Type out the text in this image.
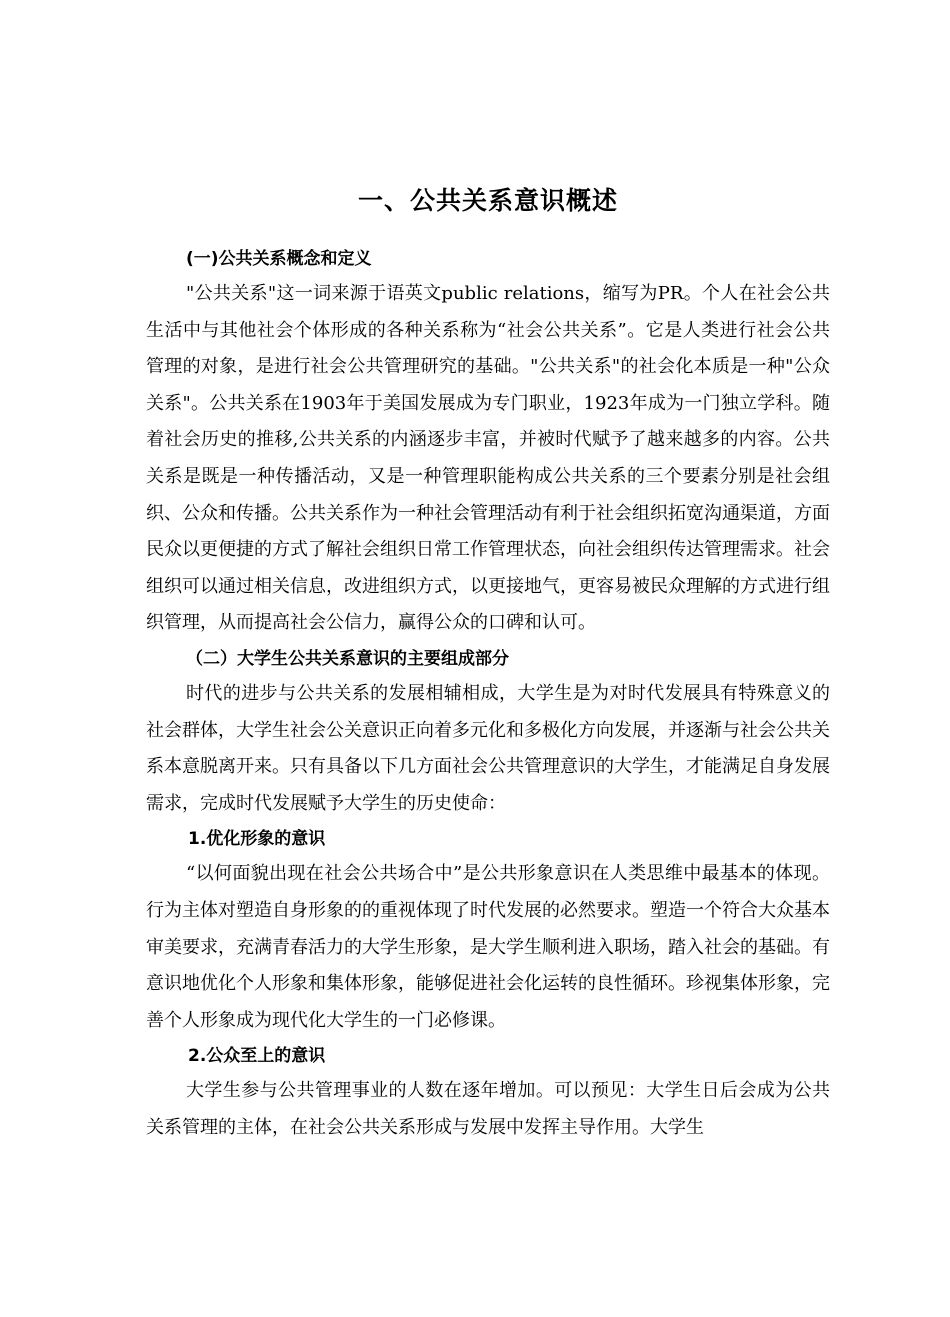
一、公共关系意识概述
(一)公共关系概念和定义

"公共关系"这一词来源于语英文public relations，缩写为PR。个人在社会公共生活中与其他社会个体形成的各种关系称为“社会公共关系”。它是人类进行社会公共管理的对象，是进行社会公共管理研究的基础。"公共关系"的社会化本质是一种"公众关系"。公共关系在1903年于美国发展成为专门职业，1923年成为一门独立学科。随着社会历史的推移,公共关系的内涵逐步丰富，并被时代赋予了越来越多的内容。公共关系是既是一种传播活动，又是一种管理职能构成公共关系的三个要素分别是社会组织、公众和传播。公共关系作为一种社会管理活动有利于社会组织拓宽沟通渠道，方面民众以更便捷的方式了解社会组织日常工作管理状态，向社会组织传达管理需求。社会组织可以通过相关信息，改进组织方式，以更接地气，更容易被民众理解的方式进行组织管理，从而提高社会公信力，赢得公众的口碑和认可。

（二）大学生公共关系意识的主要组成部分

时代的进步与公共关系的发展相辅相成，大学生是为对时代发展具有特殊意义的社会群体，大学生社会公关意识正向着多元化和多极化方向发展，并逐渐与社会公共关系本意脱离开来。只有具备以下几方面社会公共管理意识的大学生，才能满足自身发展需求，完成时代发展赋予大学生的历史使命：

1.优化形象的意识

“以何面貌出现在社会公共场合中”是公共形象意识在人类思维中最基本的体现。行为主体对塑造自身形象的的重视体现了时代发展的必然要求。塑造一个符合大众基本审美要求，充满青春活力的大学生形象，是大学生顺利进入职场，踏入社会的基础。有意识地优化个人形象和集体形象，能够促进社会化运转的良性循环。珍视集体形象，完善个人形象成为现代化大学生的一门必修课。

2.公众至上的意识

大学生参与公共管理事业的人数在逐年增加。可以预见：大学生日后会成为公共关系管理的主体，在社会公共关系形成与发展中发挥主导作用。大学生
